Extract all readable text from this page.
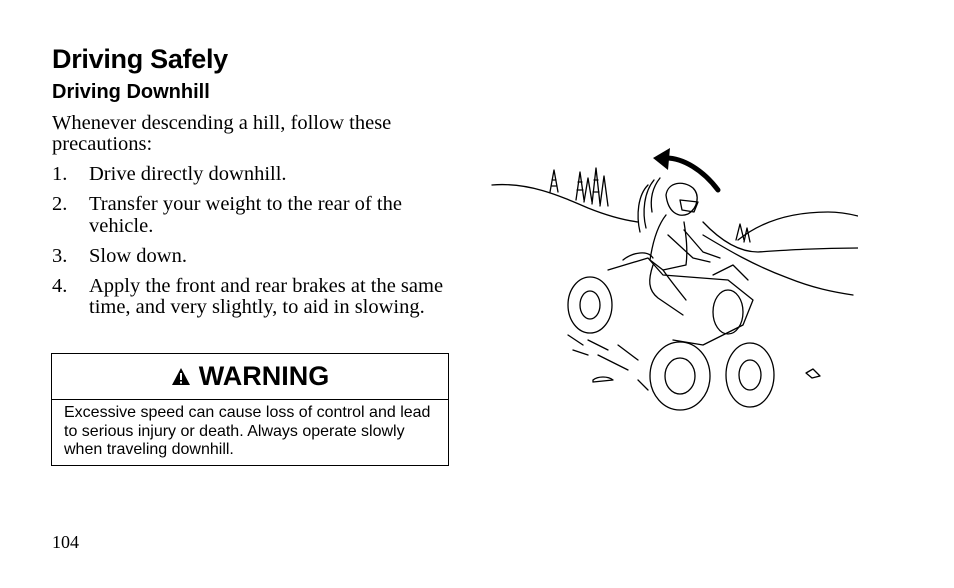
Driving Safely
Driving Downhill
Whenever descending a hill, follow these precautions:
1. Drive directly downhill.
2. Transfer your weight to the rear of the vehicle.
3. Slow down.
4. Apply the front and rear brakes at the same time, and very slightly, to aid in slowing.
WARNING
Excessive speed can cause loss of control and lead to serious injury or death. Always operate slowly when traveling downhill.
104
